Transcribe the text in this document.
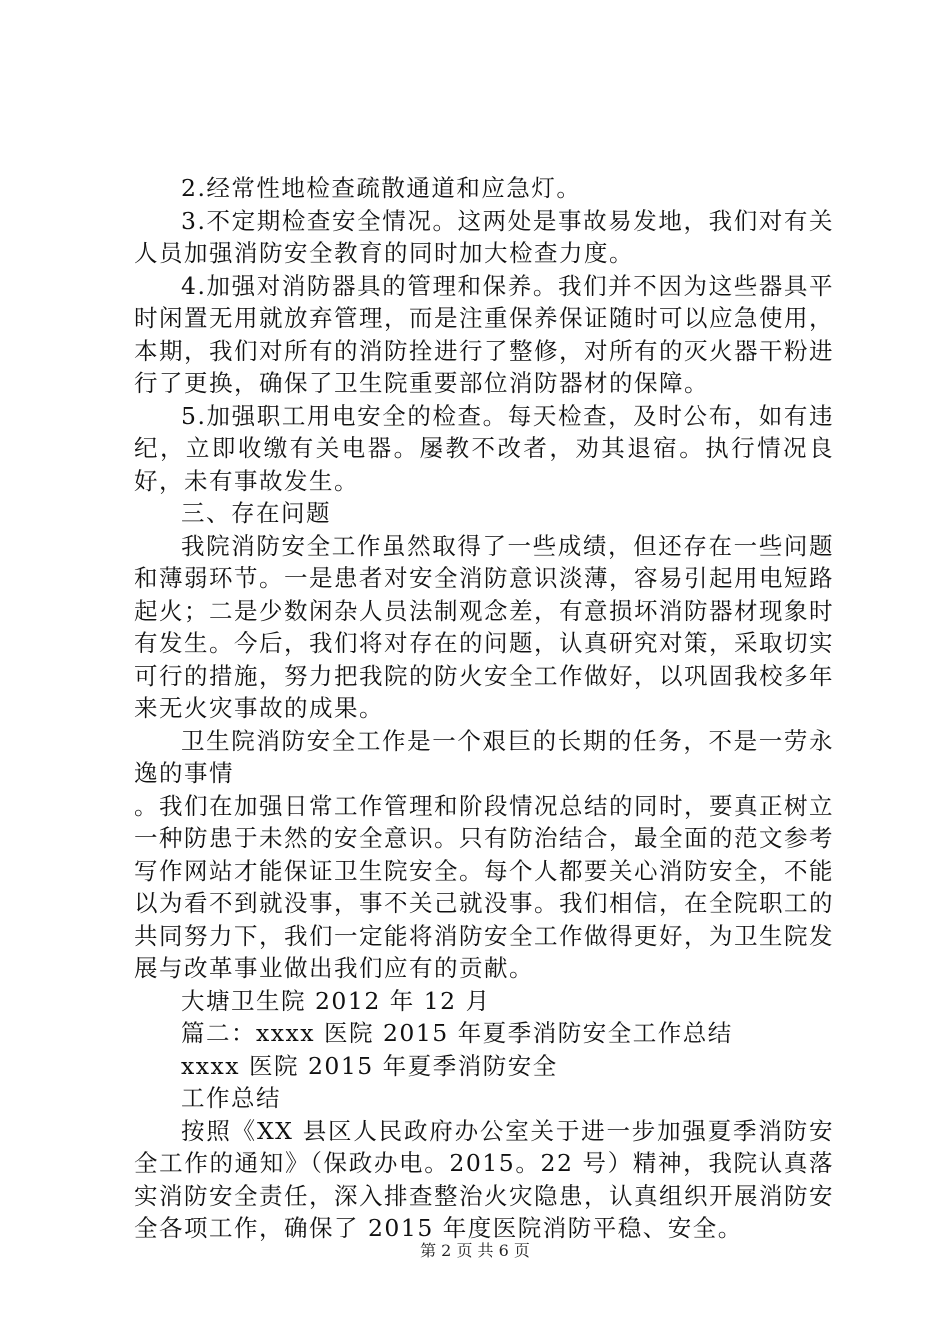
2.经常性地检查疏散通道和应急灯。

3.不定期检查安全情况。这两处是事故易发地，我们对有关人员加强消防安全教育的同时加大检查力度。

4.加强对消防器具的管理和保养。我们并不因为这些器具平时闲置无用就放弃管理，而是注重保养保证随时可以应急使用，本期，我们对所有的消防拴进行了整修，对所有的灭火器干粉进行了更换，确保了卫生院重要部位消防器材的保障。

5.加强职工用电安全的检查。每天检查，及时公布，如有违纪，立即收缴有关电器。屡教不改者，劝其退宿。执行情况良好，未有事故发生。

三、存在问题

我院消防安全工作虽然取得了一些成绩，但还存在一些问题和薄弱环节。一是患者对安全消防意识淡薄，容易引起用电短路起火；二是少数闲杂人员法制观念差，有意损坏消防器材现象时有发生。今后，我们将对存在的问题，认真研究对策，采取切实可行的措施，努力把我院的防火安全工作做好，以巩固我校多年来无火灾事故的成果。

卫生院消防安全工作是一个艰巨的长期的任务，不是一劳永逸的事情

。我们在加强日常工作管理和阶段情况总结的同时，要真正树立一种防患于未然的安全意识。只有防治结合，最全面的范文参考写作网站才能保证卫生院安全。每个人都要关心消防安全，不能以为看不到就没事，事不关己就没事。我们相信，在全院职工的共同努力下，我们一定能将消防安全工作做得更好，为卫生院发展与改革事业做出我们应有的贡献。

大塘卫生院 2012 年 12 月

篇二：xxxx 医院 2015 年夏季消防安全工作总结

xxxx 医院 2015 年夏季消防安全

工作总结

按照《XX 县区人民政府办公室关于进一步加强夏季消防安全工作的通知》（保政办电。2015。22 号）精神，我院认真落实消防安全责任，深入排查整治火灾隐患，认真组织开展消防安全各项工作，确保了 2015 年度医院消防平稳、安全。

第 2 页 共 6 页
